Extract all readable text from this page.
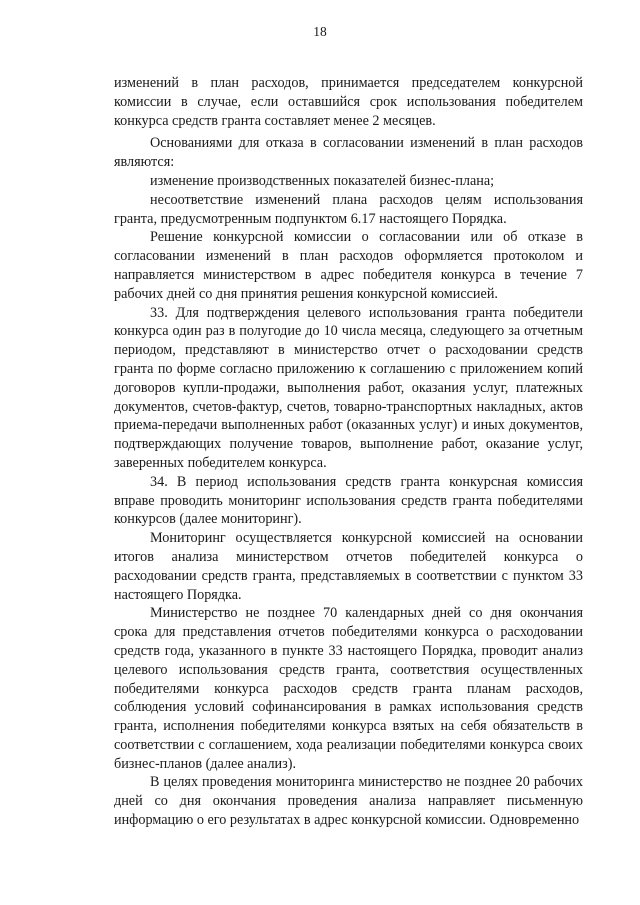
18

изменений в план расходов, принимается председателем конкурсной комиссии в случае, если оставшийся срок использования победителем конкурса средств гранта составляет менее 2 месяцев.

Основаниями для отказа в согласовании изменений в план расходов являются:

изменение производственных показателей бизнес-плана;

несоответствие изменений плана расходов целям использования гранта, предусмотренным подпунктом 6.17 настоящего Порядка.

Решение конкурсной комиссии о согласовании или об отказе в согласовании изменений в план расходов оформляется протоколом и направляется министерством в адрес победителя конкурса в течение 7 рабочих дней со дня принятия решения конкурсной комиссией.

33. Для подтверждения целевого использования гранта победители конкурса один раз в полугодие до 10 числа месяца, следующего за отчетным периодом, представляют в министерство отчет о расходовании средств гранта по форме согласно приложению к соглашению с приложением копий договоров купли-продажи, выполнения работ, оказания услуг, платежных документов, счетов-фактур, счетов, товарно-транспортных накладных, актов приема-передачи выполненных работ (оказанных услуг) и иных документов, подтверждающих получение товаров, выполнение работ, оказание услуг, заверенных победителем конкурса.

34. В период использования средств гранта конкурсная комиссия вправе проводить мониторинг использования средств гранта победителями конкурсов (далее мониторинг).

Мониторинг осуществляется конкурсной комиссией на основании итогов анализа министерством отчетов победителей конкурса о расходовании средств гранта, представляемых в соответствии с пунктом 33 настоящего Порядка.

Министерство не позднее 70 календарных дней со дня окончания срока для представления отчетов победителями конкурса о расходовании средств года, указанного в пункте 33 настоящего Порядка, проводит анализ целевого использования средств гранта, соответствия осуществленных победителями конкурса расходов средств гранта планам расходов, соблюдения условий софинансирования в рамках использования средств гранта, исполнения победителями конкурса взятых на себя обязательств в соответствии с соглашением, хода реализации победителями конкурса своих бизнес-планов (далее анализ).

В целях проведения мониторинга министерство не позднее 20 рабочих дней со дня окончания проведения анализа направляет письменную информацию о его результатах в адрес конкурсной комиссии. Одновременно
